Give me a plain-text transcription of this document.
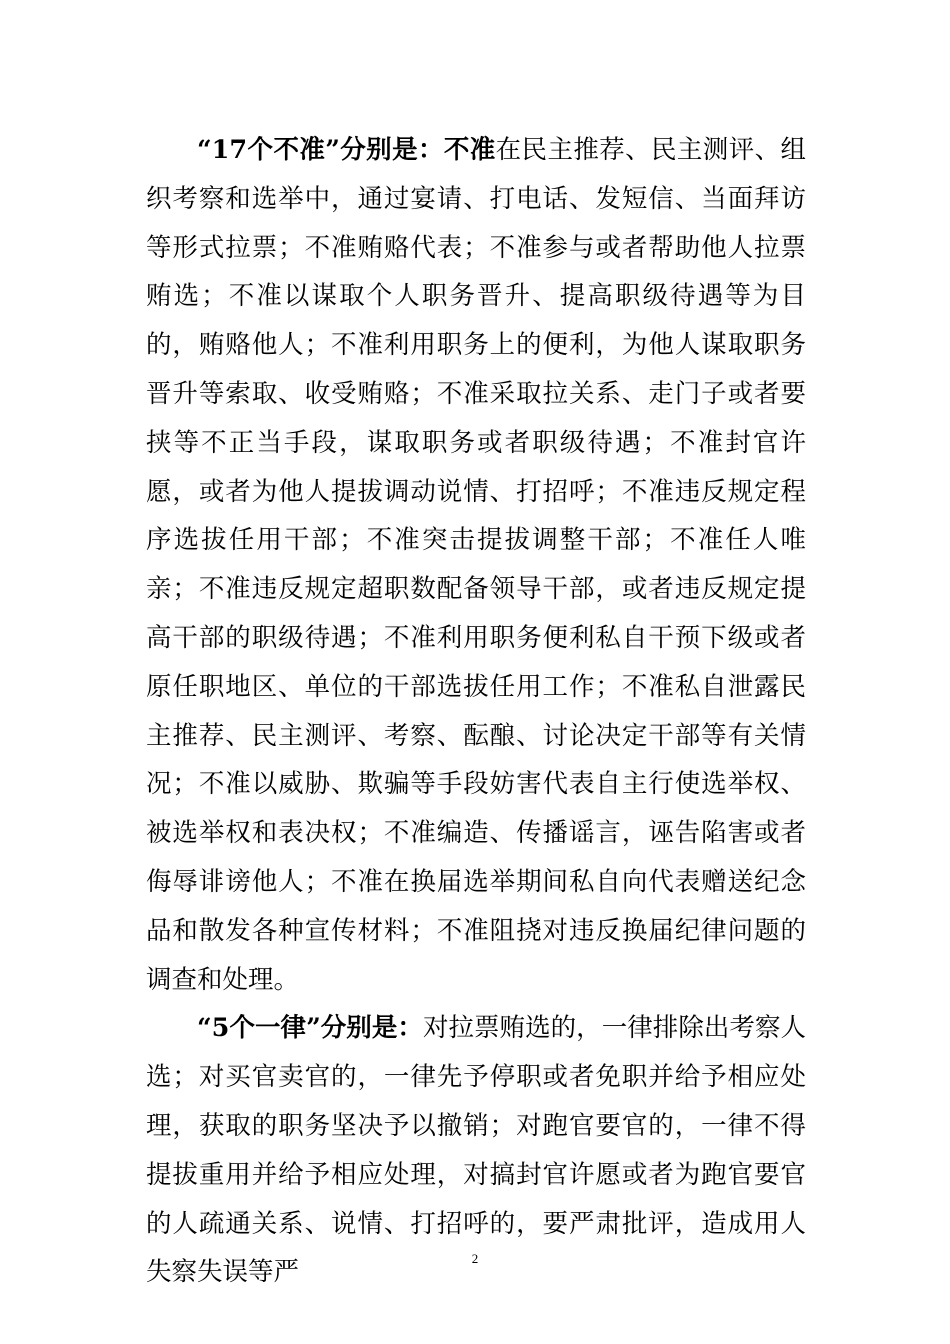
“17个不准”分别是：不准在民主推荐、民主测评、组织考察和选举中，通过宴请、打电话、发短信、当面拜访等形式拉票；不准贿赂代表；不准参与或者帮助他人拉票贿选；不准以谋取个人职务晋升、提高职级待遇等为目的，贿赂他人；不准利用职务上的便利，为他人谋取职务晋升等索取、收受贿赂；不准采取拉关系、走门子或者要挟等不正当手段，谋取职务或者职级待遇；不准封官许愿，或者为他人提拔调动说情、打招呼；不准违反规定程序选拔任用干部；不准突击提拔调整干部；不准任人唯亲；不准违反规定超职数配备领导干部，或者违反规定提高干部的职级待遇；不准利用职务便利私自干预下级或者原任职地区、单位的干部选拔任用工作；不准私自泄露民主推荐、民主测评、考察、酝酿、讨论决定干部等有关情况；不准以威胁、欺骗等手段妨害代表自主行使选举权、被选举权和表决权；不准编造、传播谣言，诬告陷害或者侮辱诽谤他人；不准在换届选举期间私自向代表赠送纪念品和散发各种宣传材料；不准阻挠对违反换届纪律问题的调查和处理。

“5个一律”分别是：对拉票贿选的，一律排除出考察人选；对买官卖官的，一律先予停职或者免职并给予相应处理，获取的职务坚决予以撤销；对跑官要官的，一律不得提拔重用并给予相应处理，对搞封官许愿或者为跑官要官的人疏通关系、说情、打招呼的，要严肃批评，造成用人失察失误等严	2
